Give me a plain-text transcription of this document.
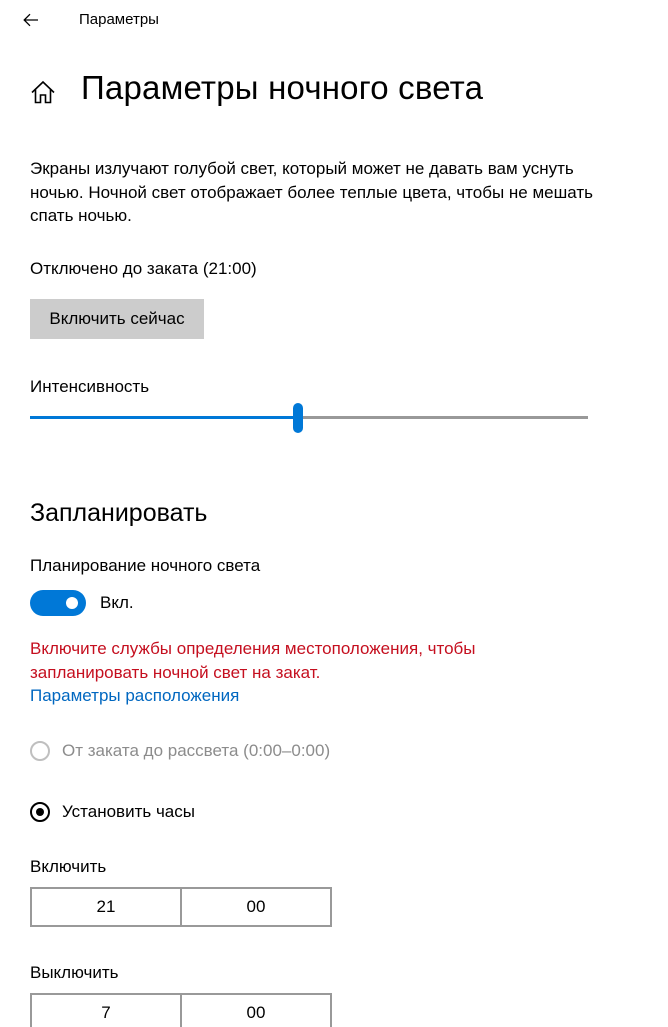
Параметры
Параметры ночного света
Экраны излучают голубой свет, который может не давать вам уснуть ночью. Ночной свет отображает более теплые цвета, чтобы не мешать спать ночью.
Отключено до заката (21:00)
Включить сейчас
Интенсивность
Запланировать
Планирование ночного света
Вкл.
Включите службы определения местоположения, чтобы запланировать ночной свет на закат.
Параметры расположения
От заката до рассвета (0:00–0:00)
Установить часы
Включить
21	00
Выключить
7	00
